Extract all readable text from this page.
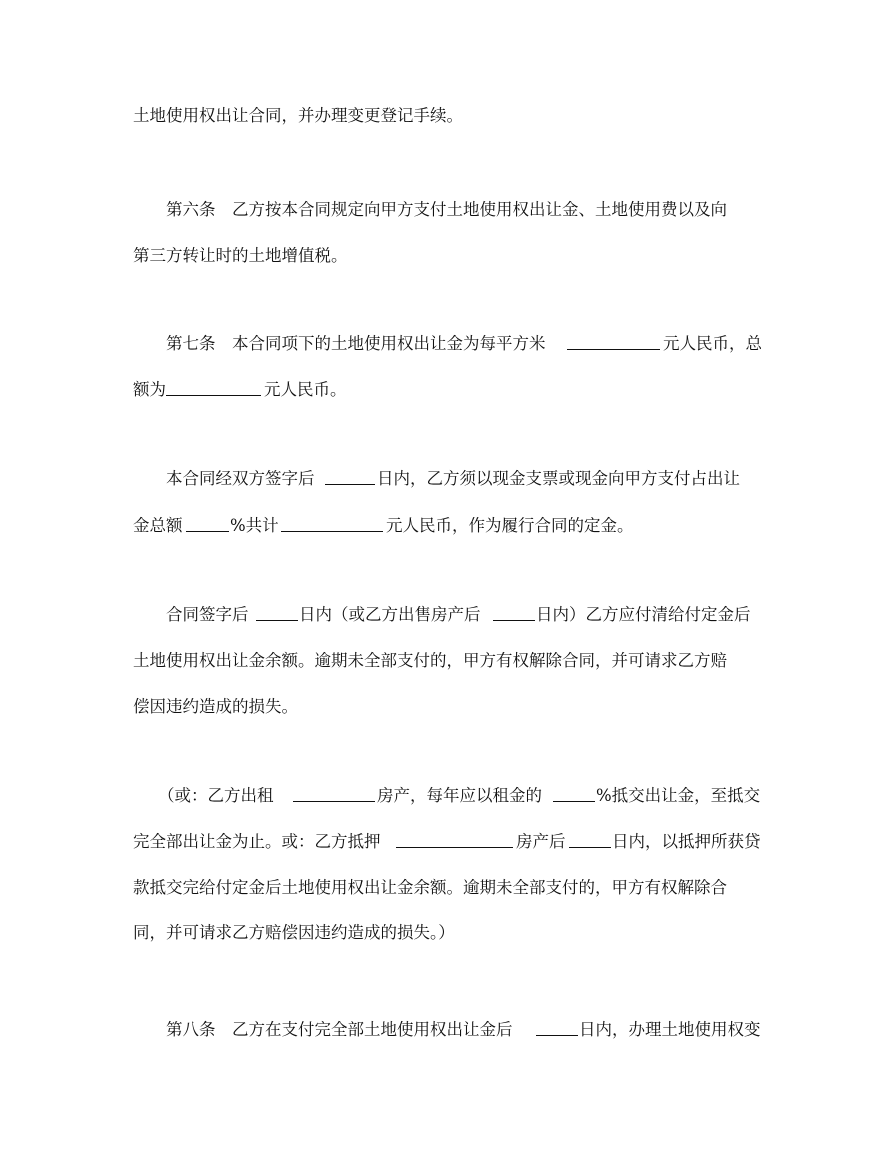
土地使用权出让合同，并办理变更登记手续。
第六条　乙方按本合同规定向甲方支付土地使用权出让金、土地使用费以及向
第三方转让时的土地增值税。
第七条　本合同项下的土地使用权出让金为每平方米	元人民币，总
额为	元人民币。
本合同经双方签字后	日内，乙方须以现金支票或现金向甲方支付占出让
金总额	%共计	元人民币，作为履行合同的定金。
合同签字后	日内（或乙方出售房产后	日内）乙方应付清给付定金后
土地使用权出让金余额。逾期未全部支付的，甲方有权解除合同，并可请求乙方赔
偿因违约造成的损失。
（或：乙方出租	房产，每年应以租金的	%抵交出让金，至抵交
完全部出让金为止。或：乙方抵押	房产后	日内，以抵押所获贷
款抵交完给付定金后土地使用权出让金余额。逾期未全部支付的，甲方有权解除合
同，并可请求乙方赔偿因违约造成的损失。）
第八条　乙方在支付完全部土地使用权出让金后	日内，办理土地使用权变
